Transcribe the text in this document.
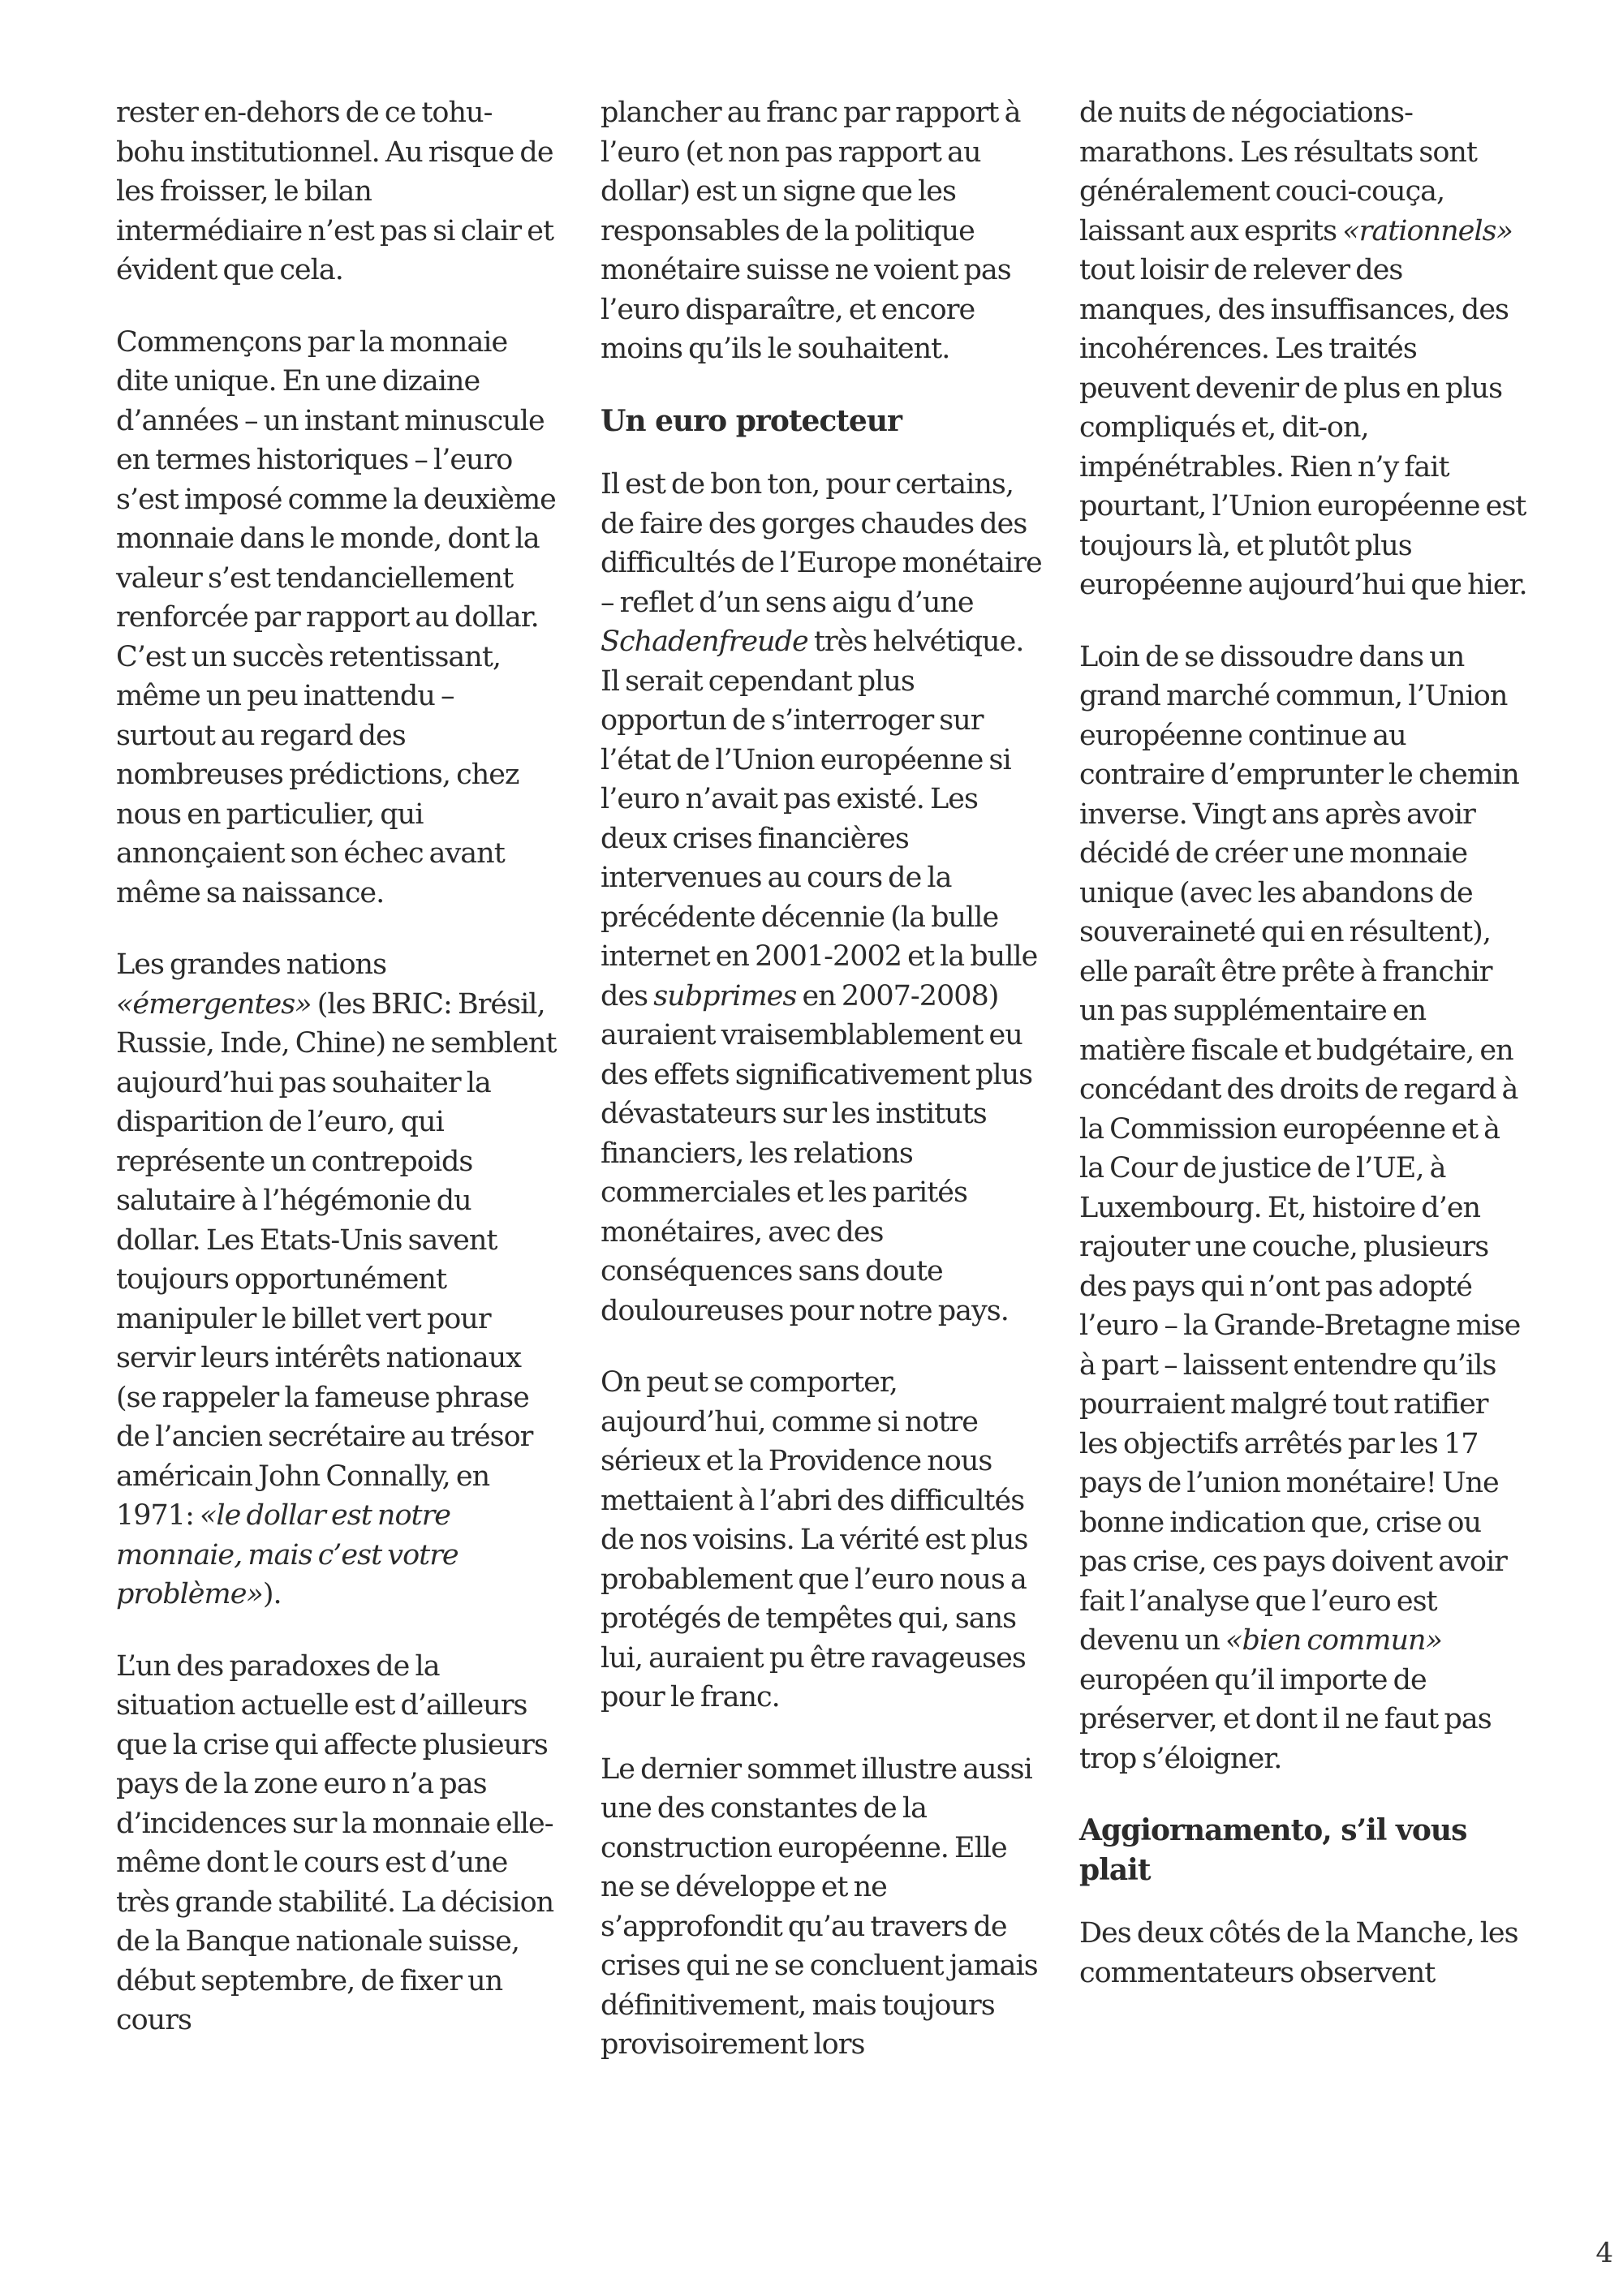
rester en-dehors de ce tohu-bohu institutionnel. Au risque de les froisser, le bilan intermédiaire n’est pas si clair et évident que cela.

Commençons par la monnaie dite unique. En une dizaine d’années – un instant minuscule en termes historiques – l’euro s’est imposé comme la deuxième monnaie dans le monde, dont la valeur s’est tendanciellement renforcée par rapport au dollar. C’est un succès retentissant, même un peu inattendu – surtout au regard des nombreuses prédictions, chez nous en particulier, qui annonçaient son échec avant même sa naissance.

Les grandes nations «émergentes» (les BRIC: Brésil, Russie, Inde, Chine) ne semblent aujourd’hui pas souhaiter la disparition de l’euro, qui représente un contrepoids salutaire à l’hégémonie du dollar. Les Etats-Unis savent toujours opportunément manipuler le billet vert pour servir leurs intérêts nationaux (se rappeler la fameuse phrase de l’ancien secrétaire au trésor américain John Connally, en 1971: «le dollar est notre monnaie, mais c’est votre problème»).

L’un des paradoxes de la situation actuelle est d’ailleurs que la crise qui affecte plusieurs pays de la zone euro n’a pas d’incidences sur la monnaie elle-même dont le cours est d’une très grande stabilité. La décision de la Banque nationale suisse, début septembre, de fixer un cours

plancher au franc par rapport à l’euro (et non pas rapport au dollar) est un signe que les responsables de la politique monétaire suisse ne voient pas l’euro disparaître, et encore moins qu’ils le souhaitent.

Un euro protecteur

Il est de bon ton, pour certains, de faire des gorges chaudes des difficultés de l’Europe monétaire – reflet d’un sens aigu d’une Schadenfreude très helvétique. Il serait cependant plus opportun de s’interroger sur l’état de l’Union européenne si l’euro n’avait pas existé. Les deux crises financières intervenues au cours de la précédente décennie (la bulle internet en 2001-2002 et la bulle des subprimes en 2007-2008) auraient vraisemblablement eu des effets significativement plus dévastateurs sur les instituts financiers, les relations commerciales et les parités monétaires, avec des conséquences sans doute douloureuses pour notre pays.

On peut se comporter, aujourd’hui, comme si notre sérieux et la Providence nous mettaient à l’abri des difficultés de nos voisins. La vérité est plus probablement que l’euro nous a protégés de tempêtes qui, sans lui, auraient pu être ravageuses pour le franc.

Le dernier sommet illustre aussi une des constantes de la construction européenne. Elle ne se développe et ne s’approfondit qu’au travers de crises qui ne se concluent jamais définitivement, mais toujours provisoirement lors

de nuits de négociations-marathons. Les résultats sont généralement couci-couça, laissant aux esprits «rationnels» tout loisir de relever des manques, des insuffisances, des incohérences. Les traités peuvent devenir de plus en plus compliqués et, dit-on, impénétrables. Rien n’y fait pourtant, l’Union européenne est toujours là, et plutôt plus européenne aujourd’hui que hier.

Loin de se dissoudre dans un grand marché commun, l’Union européenne continue au contraire d’emprunter le chemin inverse. Vingt ans après avoir décidé de créer une monnaie unique (avec les abandons de souveraineté qui en résultent), elle paraît être prête à franchir un pas supplémentaire en matière fiscale et budgétaire, en concédant des droits de regard à la Commission européenne et à la Cour de justice de l’UE, à Luxembourg. Et, histoire d’en rajouter une couche, plusieurs des pays qui n’ont pas adopté l’euro – la Grande-Bretagne mise à part – laissent entendre qu’ils pourraient malgré tout ratifier les objectifs arrêtés par les 17 pays de l’union monétaire! Une bonne indication que, crise ou pas crise, ces pays doivent avoir fait l’analyse que l’euro est devenu un «bien commun» européen qu’il importe de préserver, et dont il ne faut pas trop s’éloigner.

Aggiornamento, s’il vous plait

Des deux côtés de la Manche, les commentateurs observent

4
